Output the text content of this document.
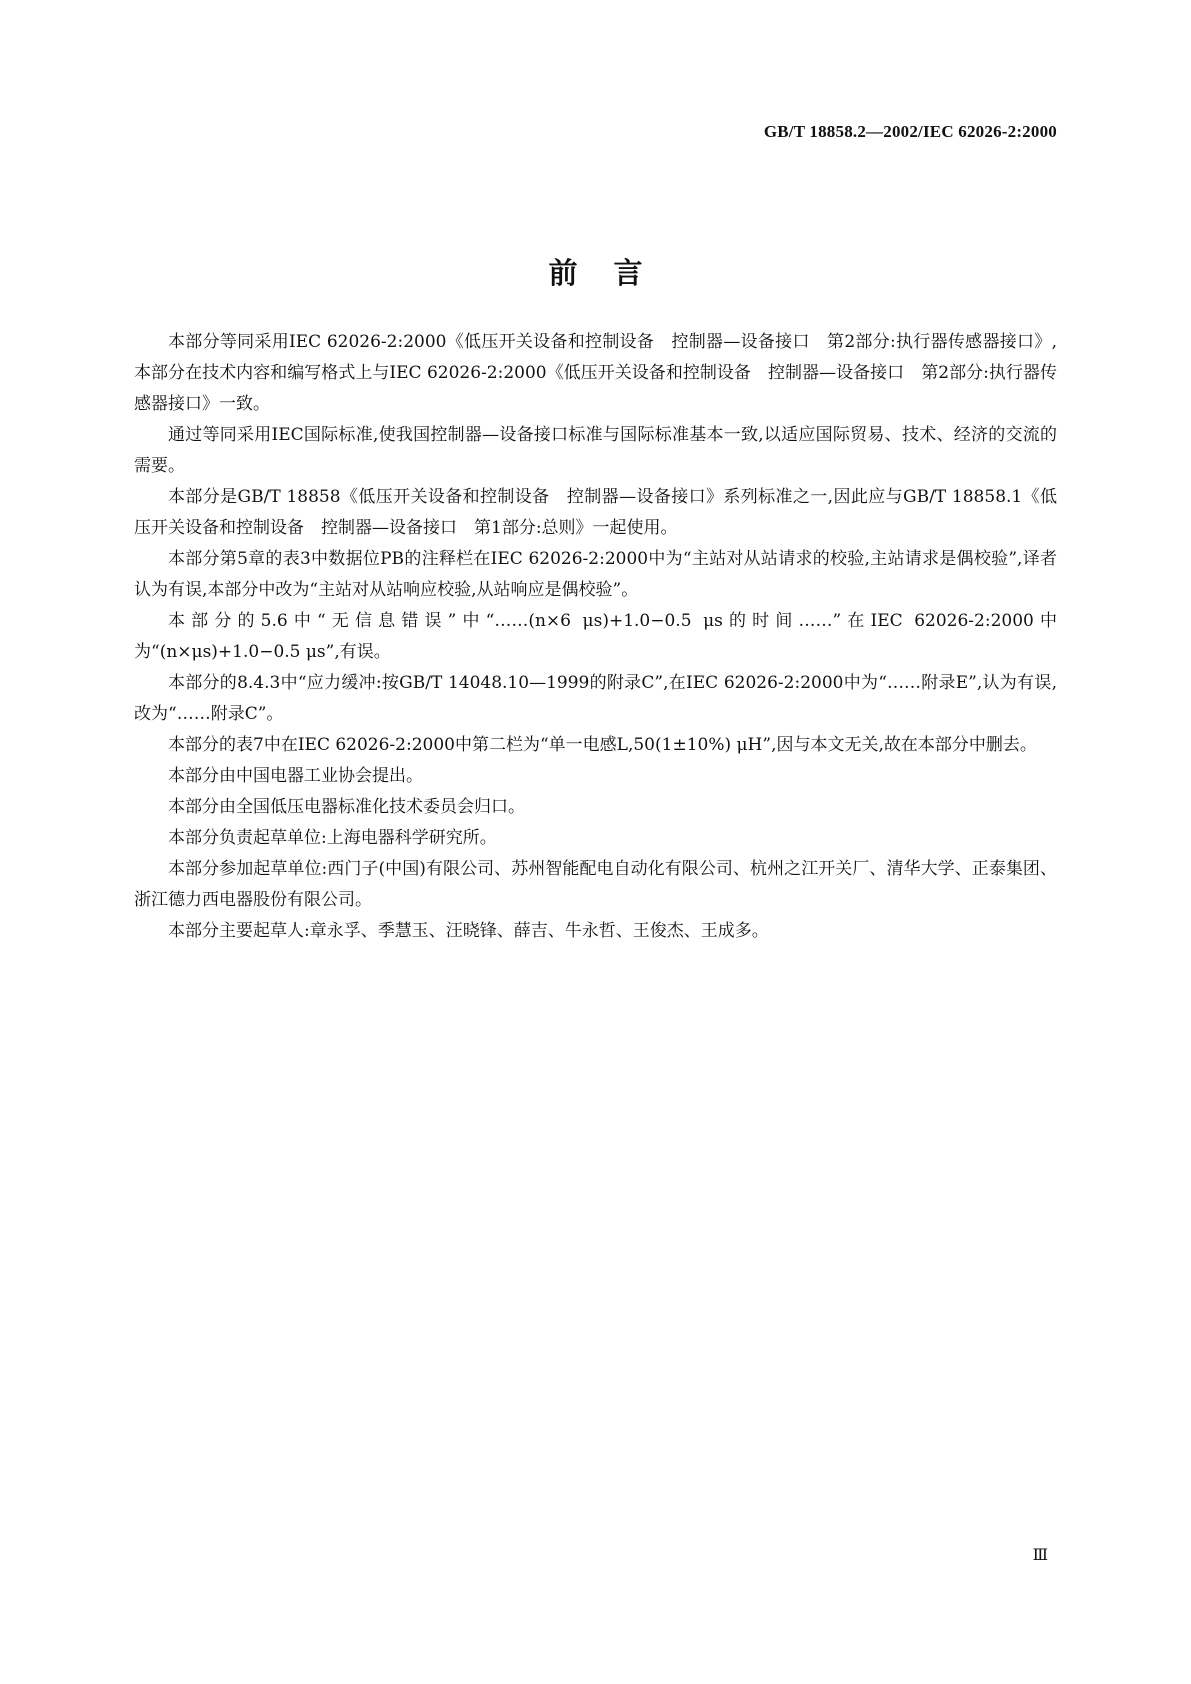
GB/T 18858.2—2002/IEC 62026-2:2000
前言

本部分等同采用IEC 62026-2:2000《低压开关设备和控制设备　控制器—设备接口　第2部分:执行器传感器接口》,本部分在技术内容和编写格式上与IEC 62026-2:2000《低压开关设备和控制设备　控制器—设备接口　第2部分:执行器传感器接口》一致。

通过等同采用IEC国际标准,使我国控制器—设备接口标准与国际标准基本一致,以适应国际贸易、技术、经济的交流的需要。

本部分是GB/T 18858《低压开关设备和控制设备　控制器—设备接口》系列标准之一,因此应与GB/T 18858.1《低压开关设备和控制设备　控制器—设备接口　第1部分:总则》一起使用。

本部分第5章的表3中数据位PB的注释栏在IEC 62026-2:2000中为“主站对从站请求的校验,主站请求是偶校验”,译者认为有误,本部分中改为“主站对从站响应校验,从站响应是偶校验”。

本部分的5.6中“无信息错误”中“……(n×6 μs)+1.0−0.5 μs的时间……”在IEC 62026-2:2000中为“(n×μs)+1.0−0.5 μs”,有误。

本部分的8.4.3中“应力缓冲:按GB/T 14048.10—1999的附录C”,在IEC 62026-2:2000中为“……附录E”,认为有误,改为“……附录C”。

本部分的表7中在IEC 62026-2:2000中第二栏为“单一电感L,50(1±10%) μH”,因与本文无关,故在本部分中删去。

本部分由中国电器工业协会提出。

本部分由全国低压电器标准化技术委员会归口。

本部分负责起草单位:上海电器科学研究所。

本部分参加起草单位:西门子(中国)有限公司、苏州智能配电自动化有限公司、杭州之江开关厂、清华大学、正泰集团、浙江德力西电器股份有限公司。

本部分主要起草人:章永孚、季慧玉、汪晓锋、薛吉、牛永哲、王俊杰、王成多。

Ⅲ
